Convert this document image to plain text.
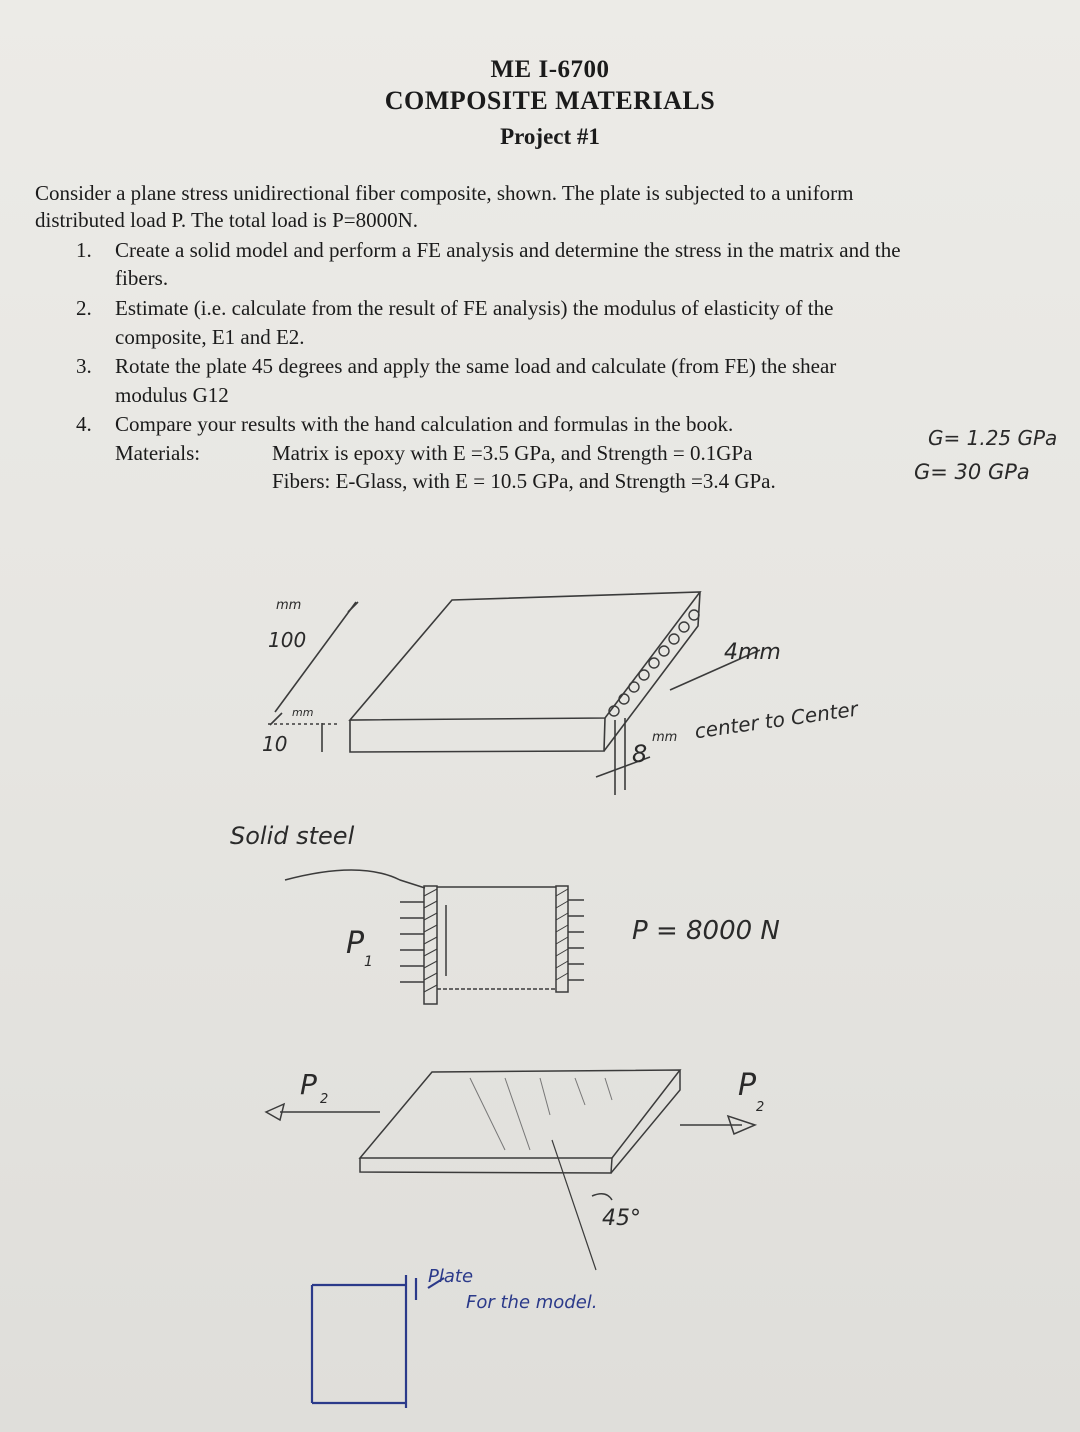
ME I-6700
COMPOSITE MATERIALS
Project #1
Consider a plane stress unidirectional fiber composite, shown. The plate is subjected to a uniform
distributed load P. The total load is P=8000N.
1. Create a solid model and perform a FE analysis and determine the stress in the matrix and the
fibers.
2. Estimate (i.e. calculate from the result of FE analysis) the modulus of elasticity of the
composite, E1 and E2.
3. Rotate the plate 45 degrees and apply the same load and calculate (from FE) the shear
modulus G12
4. Compare your results with the hand calculation and formulas in the book.
Materials:	Matrix is epoxy with E =3.5 GPa, and Strength = 0.1GPa
Fibers: E-Glass, with E = 10.5 GPa, and Strength =3.4 GPa.
G= 1.25 GPa
G= 30 GPa
mm
100
mm
10
4mm
8
mm center to Center
Solid steel
P
1
P = 8000 N
P 2	P
2
45°
Plate
For the model.
